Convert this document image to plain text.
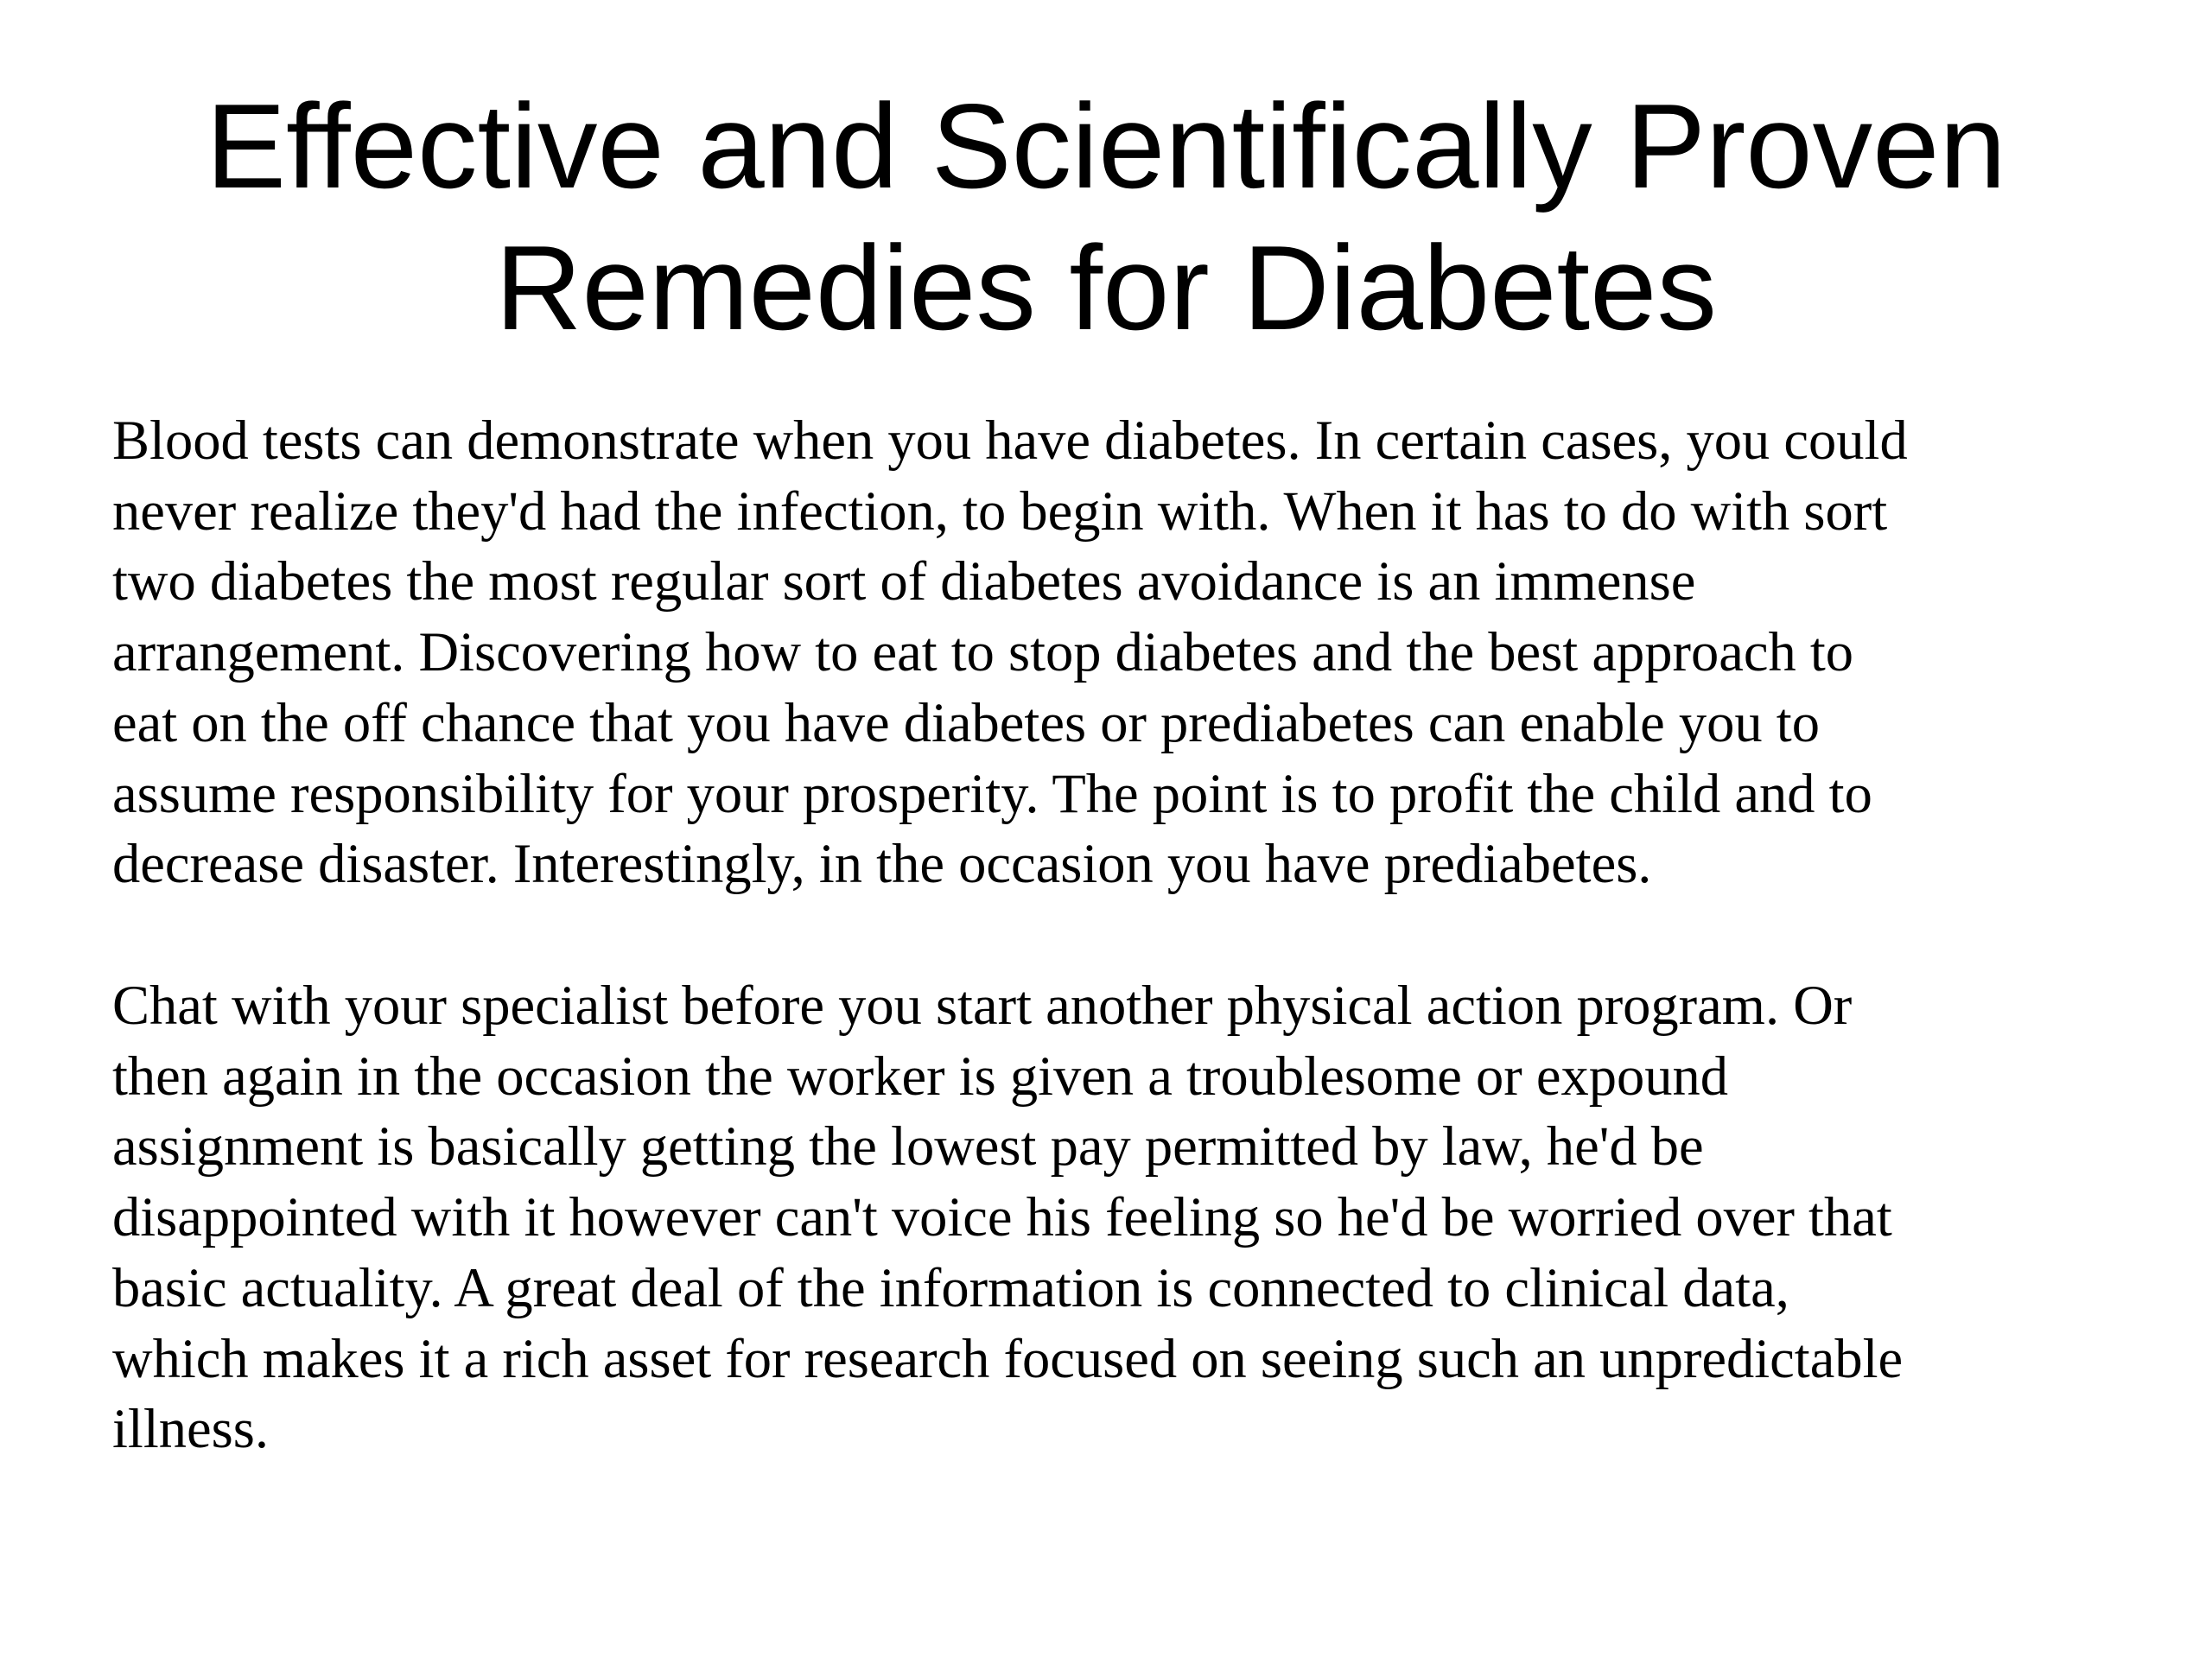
Effective and Scientifically Proven
Remedies for Diabetes
Blood tests can demonstrate when you have diabetes. In certain cases, you could
never realize they'd had the infection, to begin with. When it has to do with sort
two diabetes the most regular sort of diabetes avoidance is an immense
arrangement. Discovering how to eat to stop diabetes and the best approach to
eat on the off chance that you have diabetes or prediabetes can enable you to
assume responsibility for your prosperity. The point is to profit the child and to
decrease disaster. Interestingly, in the occasion you have prediabetes.
Chat with your specialist before you start another physical action program. Or
then again in the occasion the worker is given a troublesome or expound
assignment is basically getting the lowest pay permitted by law, he'd be
disappointed with it however can't voice his feeling so he'd be worried over that
basic actuality. A great deal of the information is connected to clinical data,
which makes it a rich asset for research focused on seeing such an unpredictable
illness.
